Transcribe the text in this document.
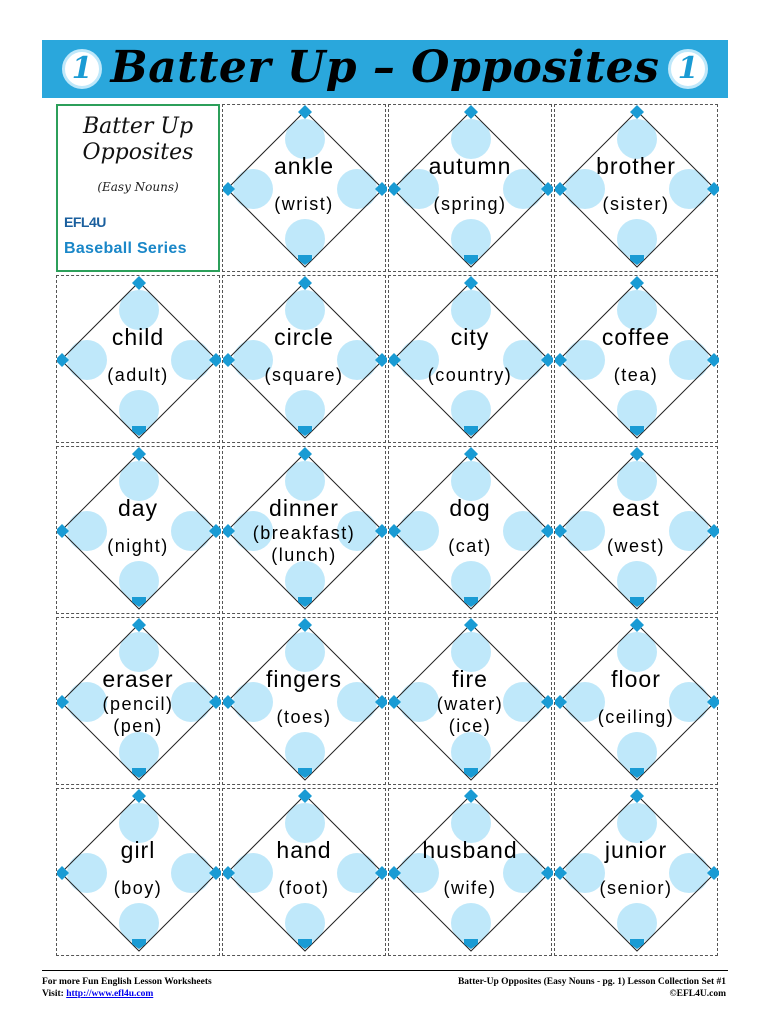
1 Batter Up – Opposites 1
Batter Up
Opposites
(Easy Nouns)
EFL4U
Baseball Series
ankle
(wrist)
autumn
(spring)
brother
(sister)
child
(adult)
circle
(square)
city
(country)
coffee
(tea)
day
(night)
dinner
(breakfast)
(lunch)
dog
(cat)
east
(west)
eraser
(pencil)
(pen)
fingers
(toes)
fire
(water)
(ice)
floor
(ceiling)
girl
(boy)
hand
(foot)
husband
(wife)
junior
(senior)
For more Fun English Lesson Worksheets
Visit: http://www.efl4u.com
Batter-Up Opposites (Easy Nouns - pg. 1) Lesson Collection Set #1
©EFL4U.com
